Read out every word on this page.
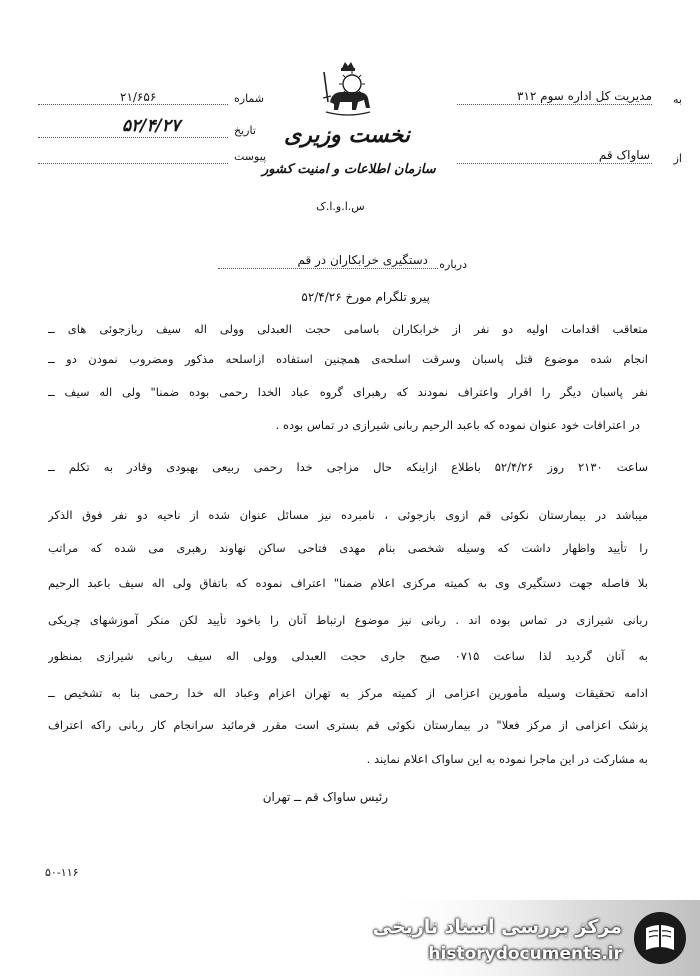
به
مدیریت کل اداره سوم ۳۱۲
از
ساواک قم
شماره
۲۱/۶۵۶
تاریخ
۵۲/۴/۲۷
پیوست
نخست وزیری
سازمان اطلاعات و امنیت کشور
س.ا.و.ا.ک
درباره
دستگیری خرابکاران در قم
پیرو تلگرام مورخ ۵۲/۴/۲۶
متعاقب اقدامات اولیه دو نفر از خرابکاران باسامی حجت العبدلی وولی اله سیف ربازجوئی های ــ
انجام شده موضوع قتل پاسبان وسرقت اسلحه‌ی همچنین استفاده ازاسلحه مذکور ومضروب نمودن دو ــ
نفر پاسبان دیگر را اقرار واعتراف نمودند که رهبرای گروه عباد الخدا رحمی بوده ضمنا" ولی اله سیف ــ
در اعترافات خود عنوان نموده که باعبد الرحیم ربانی شیرازی در تماس بوده .
ساعت ۲۱۳۰ روز ۵۲/۴/۲۶ باطلاع ازاینکه حال مزاجی خدا رحمی ربیعی بهبودی وقادر به تکلم ــ
میباشد در بیمارستان نکوئی قم ازوی بازجوئی ، نامبرده نیز مسائل عنوان شده از ناحیه دو نفر فوق الذکر
را تأیید واظهار داشت که وسیله شخصی بنام مهدی فتاحی ساکن نهاوند رهبری می شده که مراتب
بلا فاصله جهت دستگیری وی به کمیته مرکزی اعلام ضمنا" اعتراف نموده که باتفاق ولی اله سیف باعبد الرحیم
ربانی شیرازی در تماس بوده اند . ربانی نیز موضوع ارتباط آنان را باخود تأیید لکن منکر آموزشهای چریکی
به آنان گردید لذا ساعت ۰۷۱۵ صبح جاری حجت العبدلی وولی اله سیف ربانی شیرازی بمنظور
ادامه تحقیقات وسیله مأمورین اعزامی از کمیته مرکز به تهران اعزام وعباد اله خدا رحمی بنا به تشخیص ــ
پزشک اعزامی از مرکز فعلا" در بیمارستان نکوئی قم بستری است مقرر فرمائید سرانجام کار ربانی راکه اعتراف
به مشارکت در این ماجرا نموده به این ساواک اعلام نمایند .
رئیس ساواک قم ــ تهران
۵۰-۱۱۶
مرکز بررسی اسناد تاریخی
historydocuments.ir
